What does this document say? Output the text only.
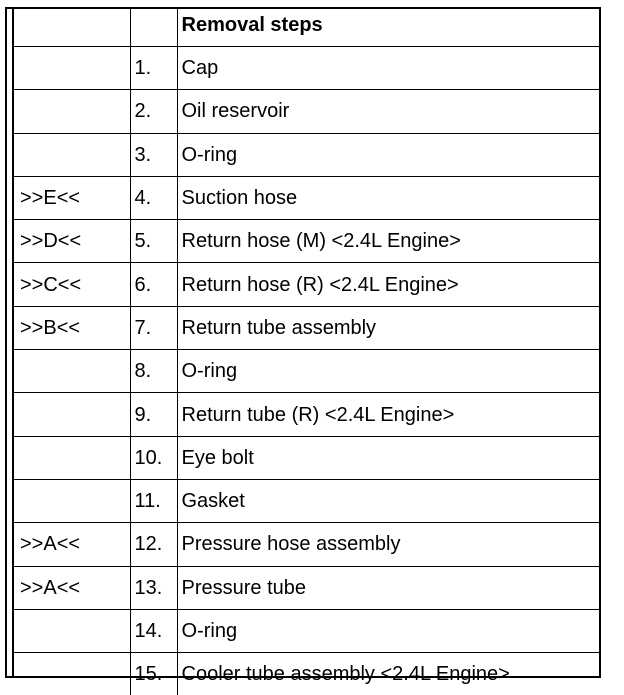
		Removal steps
	1.	Cap
	2.	Oil reservoir
	3.	O-ring
>>E<<	4.	Suction hose
>>D<<	5.	Return hose (M) <2.4L Engine>
>>C<<	6.	Return hose (R) <2.4L Engine>
>>B<<	7.	Return tube assembly
	8.	O-ring
	9.	Return tube (R) <2.4L Engine>
	10.	Eye bolt
	11.	Gasket
>>A<<	12.	Pressure hose assembly
>>A<<	13.	Pressure tube
	14.	O-ring
	15.	Cooler tube assembly <2.4L Engine>
